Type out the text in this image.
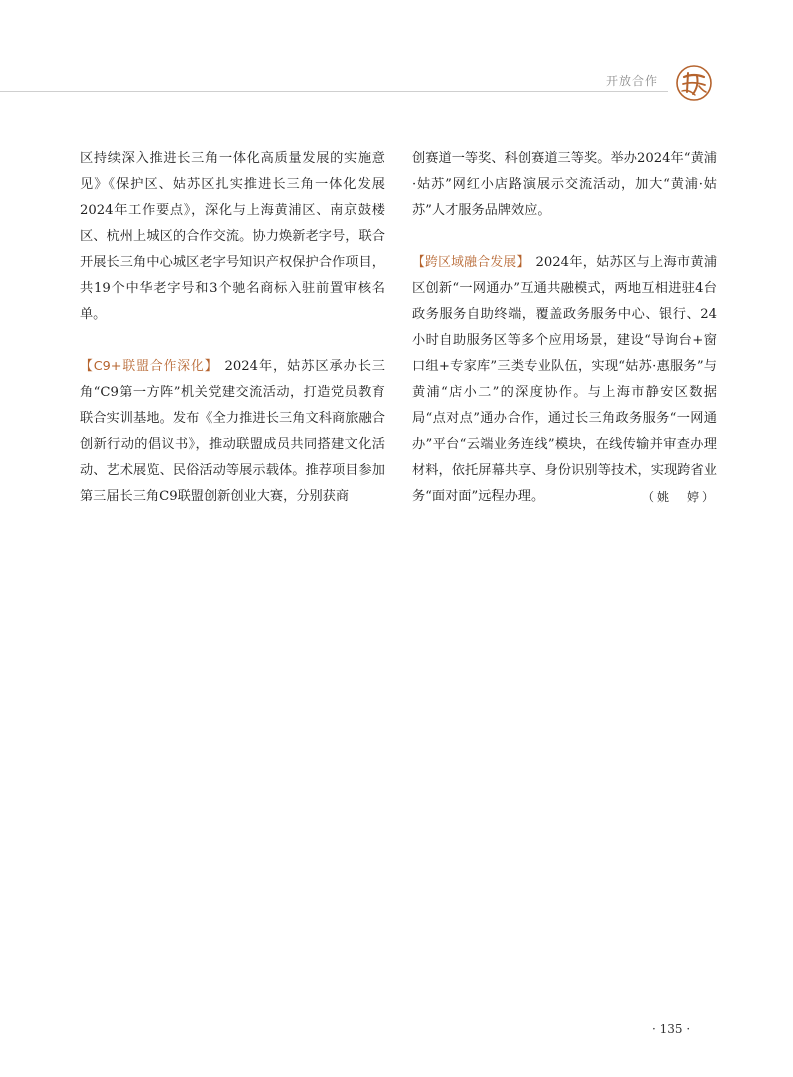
开放合作

区持续深入推进长三角一体化高质量发展的实施意见》《保护区、姑苏区扎实推进长三角一体化发展2024年工作要点》，深化与上海黄浦区、南京鼓楼区、杭州上城区的合作交流。协力焕新老字号，联合开展长三角中心城区老字号知识产权保护合作项目，共19个中华老字号和3个驰名商标入驻前置审核名单。

【C9+联盟合作深化】 2024年，姑苏区承办长三角“C9第一方阵”机关党建交流活动，打造党员教育联合实训基地。发布《全力推进长三角文科商旅融合创新行动的倡议书》，推动联盟成员共同搭建文化活动、艺术展览、民俗活动等展示载体。推荐项目参加第三届长三角C9联盟创新创业大赛，分别获商

创赛道一等奖、科创赛道三等奖。举办2024年“黄浦·姑苏”网红小店路演展示交流活动，加大“黄浦·姑苏”人才服务品牌效应。

【跨区域融合发展】 2024年，姑苏区与上海市黄浦区创新“一网通办”互通共融模式，两地互相进驻4台政务服务自助终端，覆盖政务服务中心、银行、24小时自助服务区等多个应用场景，建设“导询台+窗口组+专家库”三类专业队伍，实现“姑苏·惠服务”与黄浦“店小二”的深度协作。与上海市静安区数据局“点对点”通办合作，通过长三角政务服务“一网通办”平台“云端业务连线”模块，在线传输并审查办理材料，依托屏幕共享、身份识别等技术，实现跨省业务“面对面”远程办理。	（姚　婷）

· 135 ·
